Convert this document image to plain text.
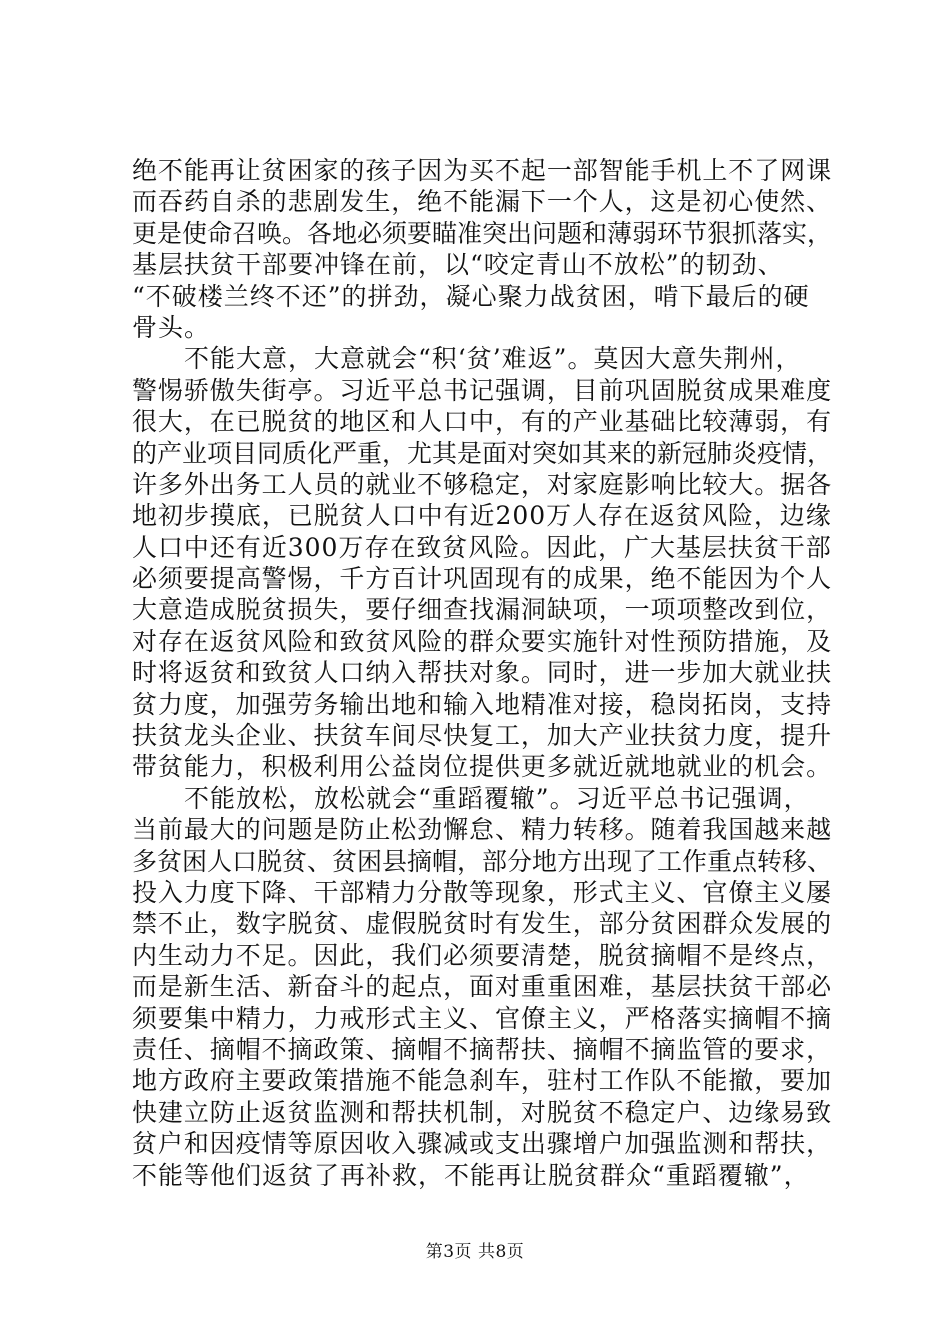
绝不能再让贫困家的孩子因为买不起一部智能手机上不了网课
而吞药自杀的悲剧发生，绝不能漏下一个人，这是初心使然、
更是使命召唤。各地必须要瞄准突出问题和薄弱环节狠抓落实，
基层扶贫干部要冲锋在前，以“咬定青山不放松”的韧劲、
“不破楼兰终不还”的拼劲，凝心聚力战贫困，啃下最后的硬
骨头。
　　不能大意，大意就会“积‘贫’难返”。莫因大意失荆州，
警惕骄傲失街亭。习近平总书记强调，目前巩固脱贫成果难度
很大，在已脱贫的地区和人口中，有的产业基础比较薄弱，有
的产业项目同质化严重，尤其是面对突如其来的新冠肺炎疫情，
许多外出务工人员的就业不够稳定，对家庭影响比较大。据各
地初步摸底，已脱贫人口中有近200万人存在返贫风险，边缘
人口中还有近300万存在致贫风险。因此，广大基层扶贫干部
必须要提高警惕，千方百计巩固现有的成果，绝不能因为个人
大意造成脱贫损失，要仔细查找漏洞缺项，一项项整改到位，
对存在返贫风险和致贫风险的群众要实施针对性预防措施，及
时将返贫和致贫人口纳入帮扶对象。同时，进一步加大就业扶
贫力度，加强劳务输出地和输入地精准对接，稳岗拓岗，支持
扶贫龙头企业、扶贫车间尽快复工，加大产业扶贫力度，提升
带贫能力，积极利用公益岗位提供更多就近就地就业的机会。
　　不能放松，放松就会“重蹈覆辙”。习近平总书记强调，
当前最大的问题是防止松劲懈怠、精力转移。随着我国越来越
多贫困人口脱贫、贫困县摘帽，部分地方出现了工作重点转移、
投入力度下降、干部精力分散等现象，形式主义、官僚主义屡
禁不止，数字脱贫、虚假脱贫时有发生，部分贫困群众发展的
内生动力不足。因此，我们必须要清楚，脱贫摘帽不是终点，
而是新生活、新奋斗的起点，面对重重困难，基层扶贫干部必
须要集中精力，力戒形式主义、官僚主义，严格落实摘帽不摘
责任、摘帽不摘政策、摘帽不摘帮扶、摘帽不摘监管的要求，
地方政府主要政策措施不能急刹车，驻村工作队不能撤，要加
快建立防止返贫监测和帮扶机制，对脱贫不稳定户、边缘易致
贫户和因疫情等原因收入骤减或支出骤增户加强监测和帮扶，
不能等他们返贫了再补救，不能再让脱贫群众“重蹈覆辙”，
第3页 共8页
